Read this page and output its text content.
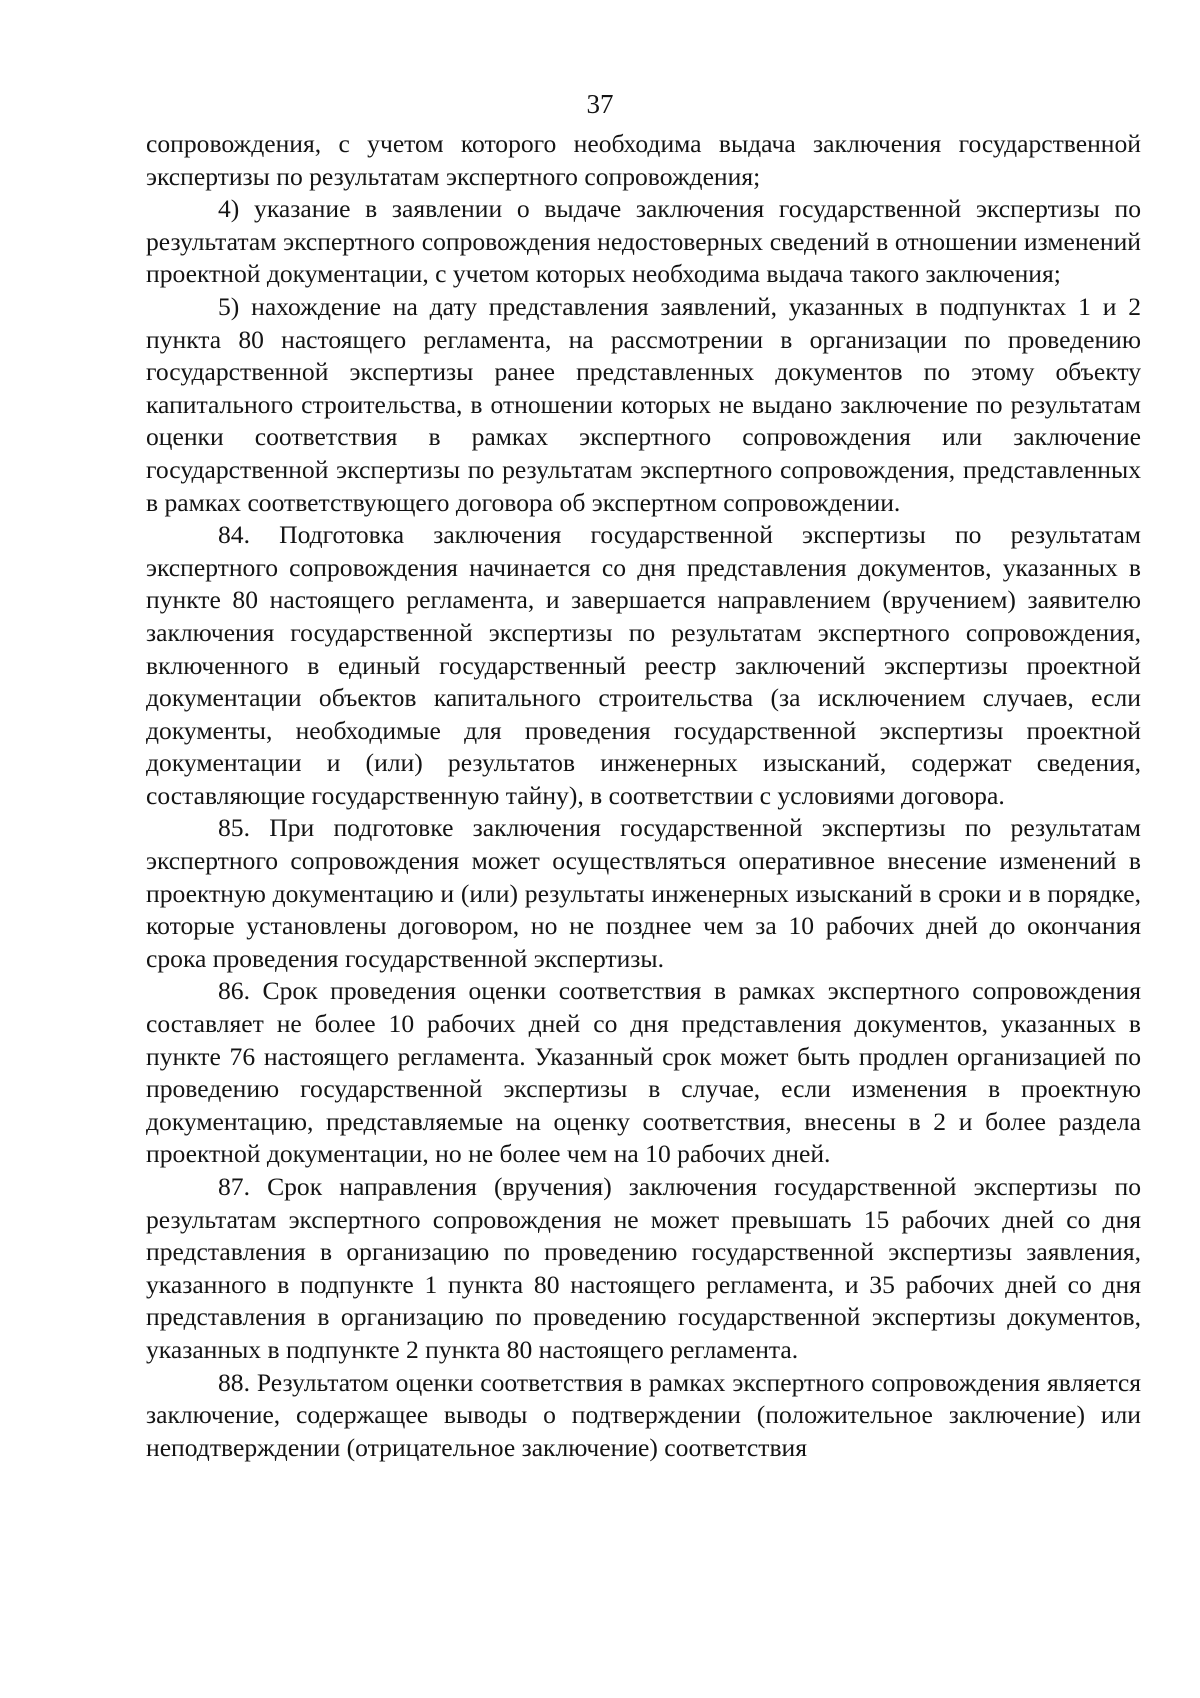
37

сопровождения, с учетом которого необходима выдача заключения государственной экспертизы по результатам экспертного сопровождения;

4) указание в заявлении о выдаче заключения государственной экспертизы по результатам экспертного сопровождения недостоверных сведений в отношении изменений проектной документации, с учетом которых необходима выдача такого заключения;

5) нахождение на дату представления заявлений, указанных в подпунктах 1 и 2 пункта 80 настоящего регламента, на рассмотрении в организации по проведению государственной экспертизы ранее представленных документов по этому объекту капитального строительства, в отношении которых не выдано заключение по результатам оценки соответствия в рамках экспертного сопровождения или заключение государственной экспертизы по результатам экспертного сопровождения, представленных в рамках соответствующего договора об экспертном сопровождении.

84. Подготовка заключения государственной экспертизы по результатам экспертного сопровождения начинается со дня представления документов, указанных в пункте 80 настоящего регламента, и завершается направлением (вручением) заявителю заключения государственной экспертизы по результатам экспертного сопровождения, включенного в единый государственный реестр заключений экспертизы проектной документации объектов капитального строительства (за исключением случаев, если документы, необходимые для проведения государственной экспертизы проектной документации и (или) результатов инженерных изысканий, содержат сведения, составляющие государственную тайну), в соответствии с условиями договора.

85. При подготовке заключения государственной экспертизы по результатам экспертного сопровождения может осуществляться оперативное внесение изменений в проектную документацию и (или) результаты инженерных изысканий в сроки и в порядке, которые установлены договором, но не позднее чем за 10 рабочих дней до окончания срока проведения государственной экспертизы.

86. Срок проведения оценки соответствия в рамках экспертного сопровождения составляет не более 10 рабочих дней со дня представления документов, указанных в пункте 76 настоящего регламента. Указанный срок может быть продлен организацией по проведению государственной экспертизы в случае, если изменения в проектную документацию, представляемые на оценку соответствия, внесены в 2 и более раздела проектной документации, но не более чем на 10 рабочих дней.

87. Срок направления (вручения) заключения государственной экспертизы по результатам экспертного сопровождения не может превышать 15 рабочих дней со дня представления в организацию по проведению государственной экспертизы заявления, указанного в подпункте 1 пункта 80 настоящего регламента, и 35 рабочих дней со дня представления в организацию по проведению государственной экспертизы документов, указанных в подпункте 2 пункта 80 настоящего регламента.

88. Результатом оценки соответствия в рамках экспертного сопровождения является заключение, содержащее выводы о подтверждении (положительное заключение) или неподтверждении (отрицательное заключение) соответствия
